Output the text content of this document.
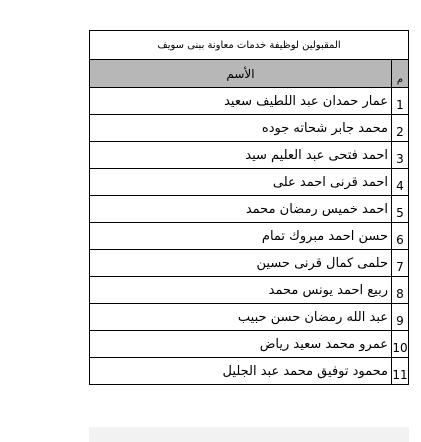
المقبولين لوظيفة خدمات معاونة ببنى سويف
الأسم	م
عمار حمدان عبد اللطيف سعيد 1
محمد جابر شحاته جوده 2
احمد فتحى عبد العليم سيد 3
احمد قرنى احمد على 4
احمد خميس رمضان محمد 5
حسن احمد مبروك تمام 6
حلمى كمال قرنى حسين 7
ربيع احمد يونس محمد 8
عبد الله رمضان حسن حبيب 9
عمرو محمد سعيد رياض 10
محمود توفيق محمد عبد الجليل 11
